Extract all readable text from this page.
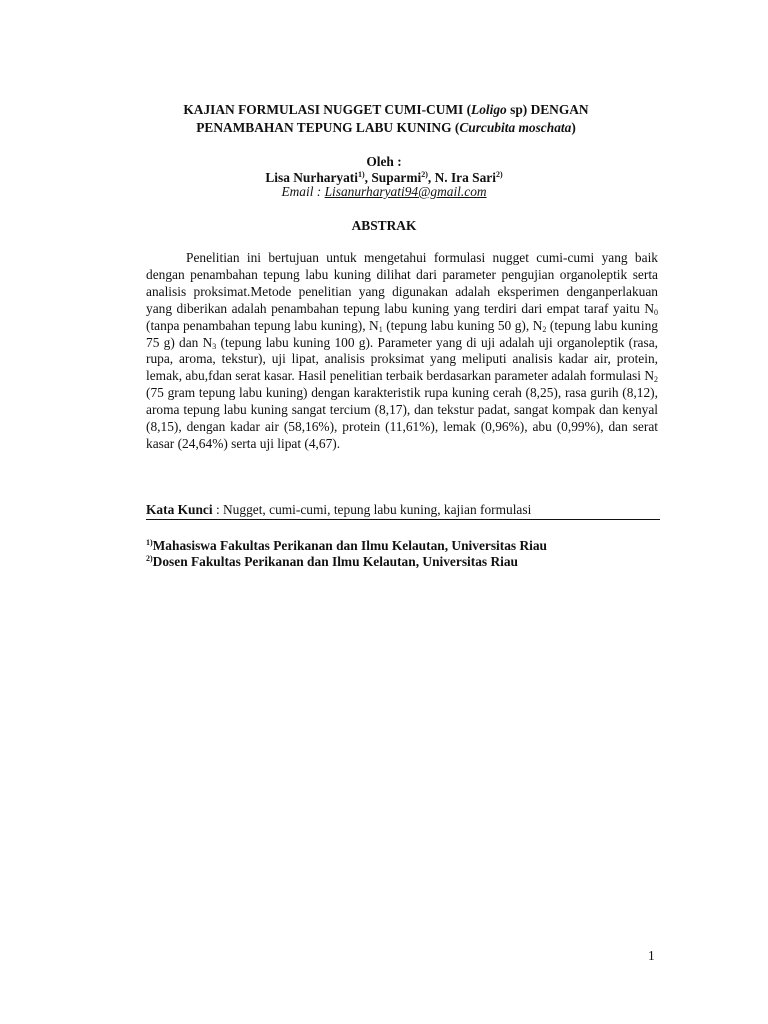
KAJIAN FORMULASI NUGGET CUMI-CUMI (Loligo sp) DENGAN
PENAMBAHAN TEPUNG LABU KUNING (Curcubita moschata)
Oleh :
Lisa Nurharyati$^{1)}$, Suparmi$^{2)}$, N. Ira Sari$^{2)}$
Email : Lisanurharyati94@gmail.com
ABSTRAK

Penelitian ini bertujuan untuk mengetahui formulasi nugget cumi-cumi yang baik dengan penambahan tepung labu kuning dilihat dari parameter pengujian organoleptik serta analisis proksimat.Metode penelitian yang digunakan adalah eksperimen denganperlakuan yang diberikan adalah penambahan tepung labu kuning yang terdiri dari empat taraf yaitu $N_0$ (tanpa penambahan tepung labu kuning), $N_1$ (tepung labu kuning 50 g), $N_2$ (tepung labu kuning 75 g) dan $N_3$ (tepung labu kuning 100 g). Parameter yang di uji adalah uji organoleptik (rasa, rupa, aroma, tekstur), uji lipat, analisis proksimat yang meliputi analisis kadar air, protein, lemak, abu,fdan serat kasar. Hasil penelitian terbaik berdasarkan parameter adalah formulasi $N_2$ (75 gram tepung labu kuning) dengan karakteristik rupa kuning cerah (8,25), rasa gurih (8,12), aroma tepung labu kuning sangat tercium (8,17), dan tekstur padat, sangat kompak dan kenyal (8,15), dengan kadar air (58,16%), protein (11,61%), lemak (0,96%), abu (0,99%), dan serat kasar (24,64%) serta uji lipat (4,67).

Kata Kunci : Nugget, cumi-cumi, tepung labu kuning, kajian formulasi
$^{1)}$Mahasiswa Fakultas Perikanan dan Ilmu Kelautan, Universitas Riau
$^{2)}$Dosen Fakultas Perikanan dan Ilmu Kelautan, Universitas Riau
1
